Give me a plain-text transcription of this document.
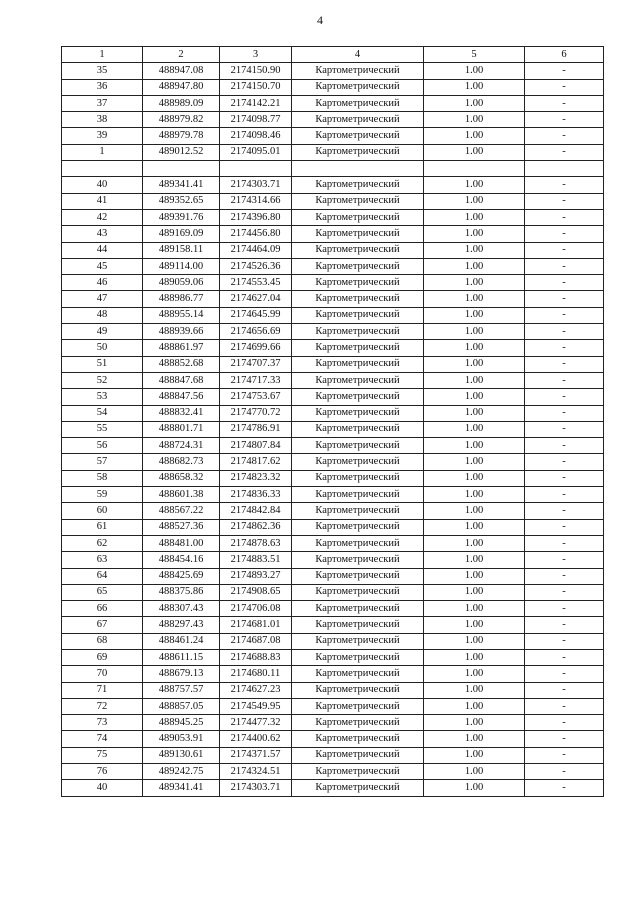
4
1	2	3	4	5	6
35	488947.08	2174150.90	Картометрический	1.00	-
36	488947.80	2174150.70	Картометрический	1.00	-
37	488989.09	2174142.21	Картометрический	1.00	-
38	488979.82	2174098.77	Картометрический	1.00	-
39	488979.78	2174098.46	Картометрический	1.00	-
1	489012.52	2174095.01	Картометрический	1.00	-

40	489341.41	2174303.71	Картометрический	1.00	-
41	489352.65	2174314.66	Картометрический	1.00	-
42	489391.76	2174396.80	Картометрический	1.00	-
43	489169.09	2174456.80	Картометрический	1.00	-
44	489158.11	2174464.09	Картометрический	1.00	-
45	489114.00	2174526.36	Картометрический	1.00	-
46	489059.06	2174553.45	Картометрический	1.00	-
47	488986.77	2174627.04	Картометрический	1.00	-
48	488955.14	2174645.99	Картометрический	1.00	-
49	488939.66	2174656.69	Картометрический	1.00	-
50	488861.97	2174699.66	Картометрический	1.00	-
51	488852.68	2174707.37	Картометрический	1.00	-
52	488847.68	2174717.33	Картометрический	1.00	-
53	488847.56	2174753.67	Картометрический	1.00	-
54	488832.41	2174770.72	Картометрический	1.00	-
55	488801.71	2174786.91	Картометрический	1.00	-
56	488724.31	2174807.84	Картометрический	1.00	-
57	488682.73	2174817.62	Картометрический	1.00	-
58	488658.32	2174823.32	Картометрический	1.00	-
59	488601.38	2174836.33	Картометрический	1.00	-
60	488567.22	2174842.84	Картометрический	1.00	-
61	488527.36	2174862.36	Картометрический	1.00	-
62	488481.00	2174878.63	Картометрический	1.00	-
63	488454.16	2174883.51	Картометрический	1.00	-
64	488425.69	2174893.27	Картометрический	1.00	-
65	488375.86	2174908.65	Картометрический	1.00	-
66	488307.43	2174706.08	Картометрический	1.00	-
67	488297.43	2174681.01	Картометрический	1.00	-
68	488461.24	2174687.08	Картометрический	1.00	-
69	488611.15	2174688.83	Картометрический	1.00	-
70	488679.13	2174680.11	Картометрический	1.00	-
71	488757.57	2174627.23	Картометрический	1.00	-
72	488857.05	2174549.95	Картометрический	1.00	-
73	488945.25	2174477.32	Картометрический	1.00	-
74	489053.91	2174400.62	Картометрический	1.00	-
75	489130.61	2174371.57	Картометрический	1.00	-
76	489242.75	2174324.51	Картометрический	1.00	-
40	489341.41	2174303.71	Картометрический	1.00	-
